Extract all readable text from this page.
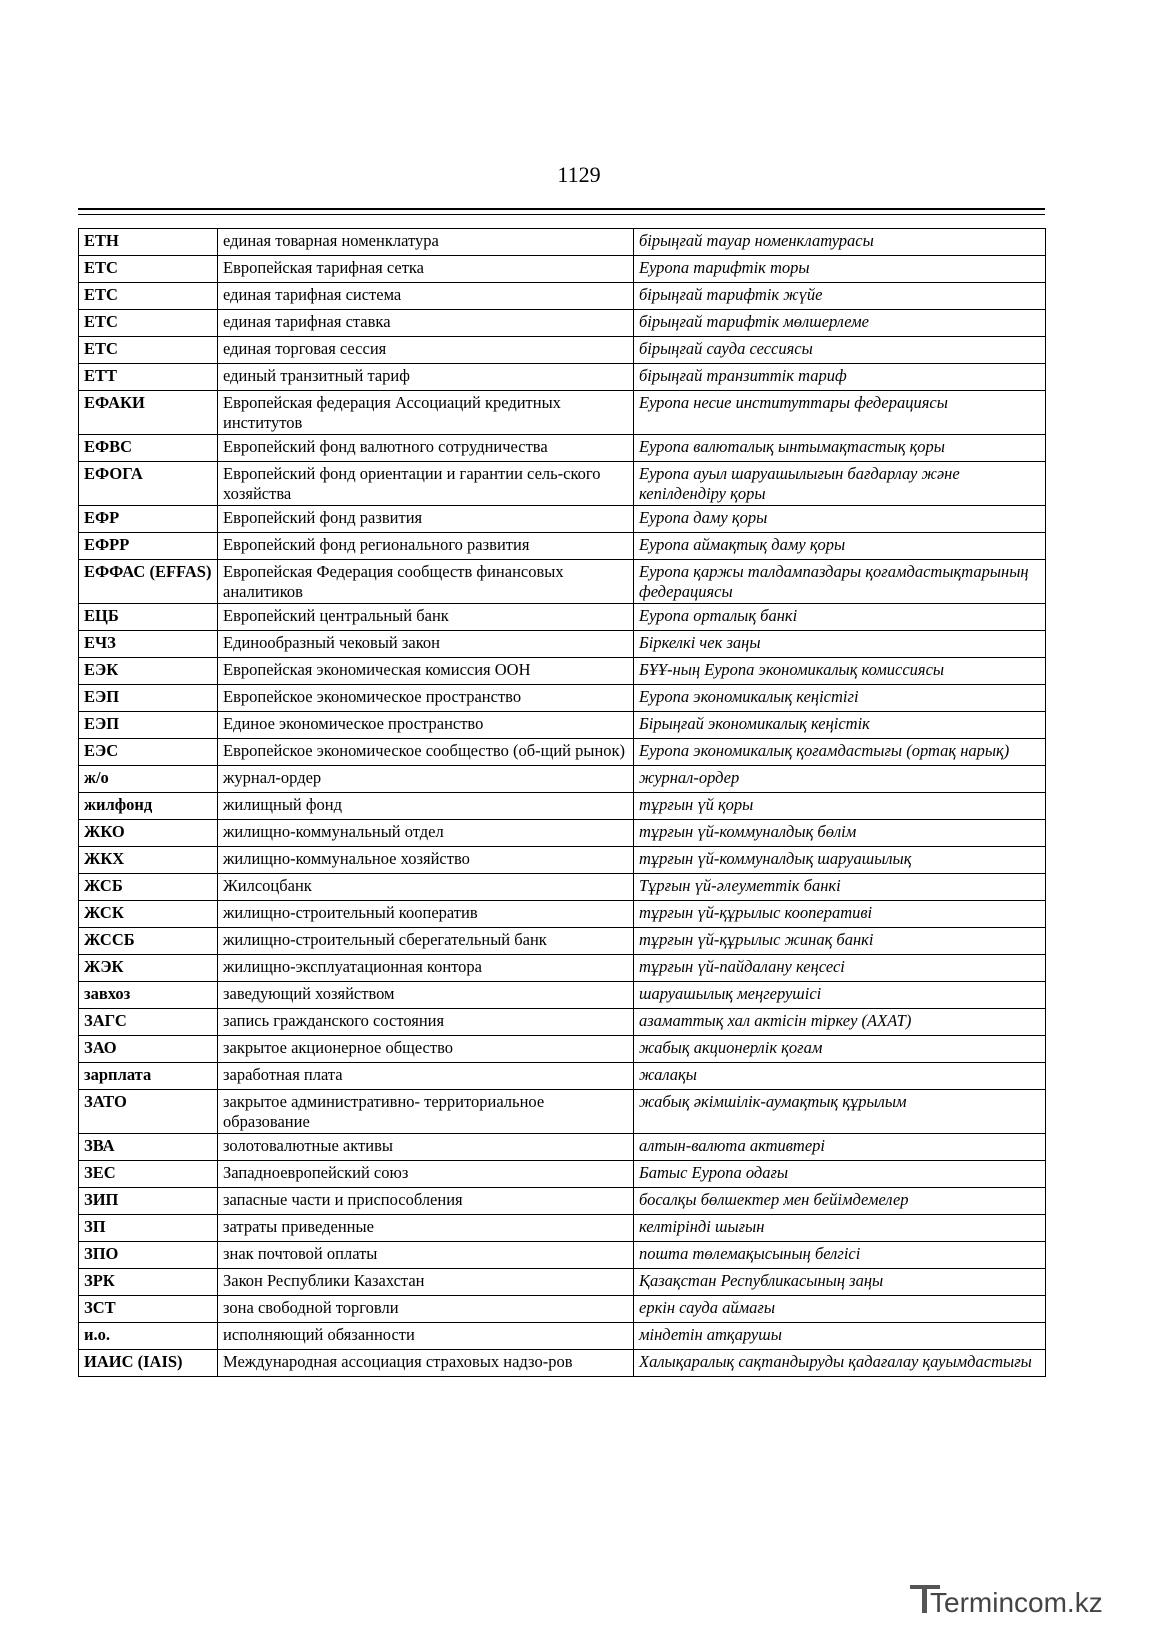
1129
ЕТН	единая товарная номенклатура	бірыңғай тауар номенклатурасы
ЕТС	Европейская тарифная сетка	Еуропа тарифтік торы
ЕТС	единая тарифная система	бірыңғай тарифтік жүйе
ЕТС	единая тарифная ставка	бірыңғай тарифтік мөлшерлеме
ЕТС	единая торговая сессия	бірыңғай сауда сессиясы
ЕТТ	единый транзитный тариф	бірыңғай транзиттік тариф
ЕФАКИ	Европейская федерация Ассоциаций кредитных институтов	Еуропа несие институттары федерациясы
ЕФВС	Европейский фонд валютного сотрудничества	Еуропа валюталық ынтымақтастық қоры
ЕФОГА	Европейский фонд ориентации и гарантии сель-ского хозяйства	Еуропа ауыл шаруашылығын бағдарлау және кепілдендіру қоры
ЕФР	Европейский фонд развития	Еуропа даму қоры
ЕФРР	Европейский фонд регионального развития	Еуропа аймақтық даму қоры
ЕФФАС (EFFAS)	Европейская Федерация сообществ финансовых аналитиков	Еуропа қаржы талдампаздары қоғамдастықтарының федерациясы
ЕЦБ	Европейский центральный банк	Еуропа орталық банкі
ЕЧЗ	Единообразный чековый закон	Біркелкі чек заңы
ЕЭК	Европейская экономическая комиссия ООН	БҰҰ-ның Еуропа экономикалық комиссиясы
ЕЭП	Европейское экономическое пространство	Еуропа экономикалық кеңістігі
ЕЭП	Единое экономическое пространство	Бірыңғай экономикалық кеңістік
ЕЭС	Европейское экономическое сообщество (об-щий рынок)	Еуропа экономикалық қоғамдастығы (ортақ нарық)
ж/о	журнал-ордер	журнал-ордер
жилфонд	жилищный фонд	тұрғын үй қоры
ЖКО	жилищно-коммунальный отдел	тұрғын үй-коммуналдық бөлім
ЖКХ	жилищно-коммунальное хозяйство	тұрғын үй-коммуналдық шаруашылық
ЖСБ	Жилсоцбанк	Тұрғын үй-әлеуметтік банкі
ЖСК	жилищно-строительный кооператив	тұрғын үй-құрылыс кооперативі
ЖССБ	жилищно-строительный сберегательный банк	тұрғын үй-құрылыс жинақ банкі
ЖЭК	жилищно-эксплуатационная контора	тұрғын үй-пайдалану кеңсесі
завхоз	заведующий хозяйством	шаруашылық меңгерушісі
ЗАГС	запись гражданского состояния	азаматтық хал актісін тіркеу (АХАТ)
ЗАО	закрытое акционерное общество	жабық акционерлік қоғам
зарплата	заработная плата	жалақы
ЗАТО	закрытое административно- территориальное образование	жабық әкімшілік-аумақтық құрылым
ЗВА	золотовалютные активы	алтын-валюта активтері
ЗЕС	Западноевропейский союз	Батыс Еуропа одағы
ЗИП	запасные части и приспособления	босалқы бөлшектер мен бейімдемелер
ЗП	затраты приведенные	келтірінді шығын
ЗПО	знак почтовой оплаты	пошта төлемақысының белгісі
ЗРК	Закон Республики Казахстан	Қазақстан Республикасының заңы
ЗСТ	зона свободной торговли	еркін сауда аймағы
и.о.	исполняющий обязанности	міндетін атқарушы
ИАИС (IAIS)	Международная ассоциация страховых надзо-ров	Халықаралық сақтандыруды қадағалау қауымдастығы
Termincom.kz
